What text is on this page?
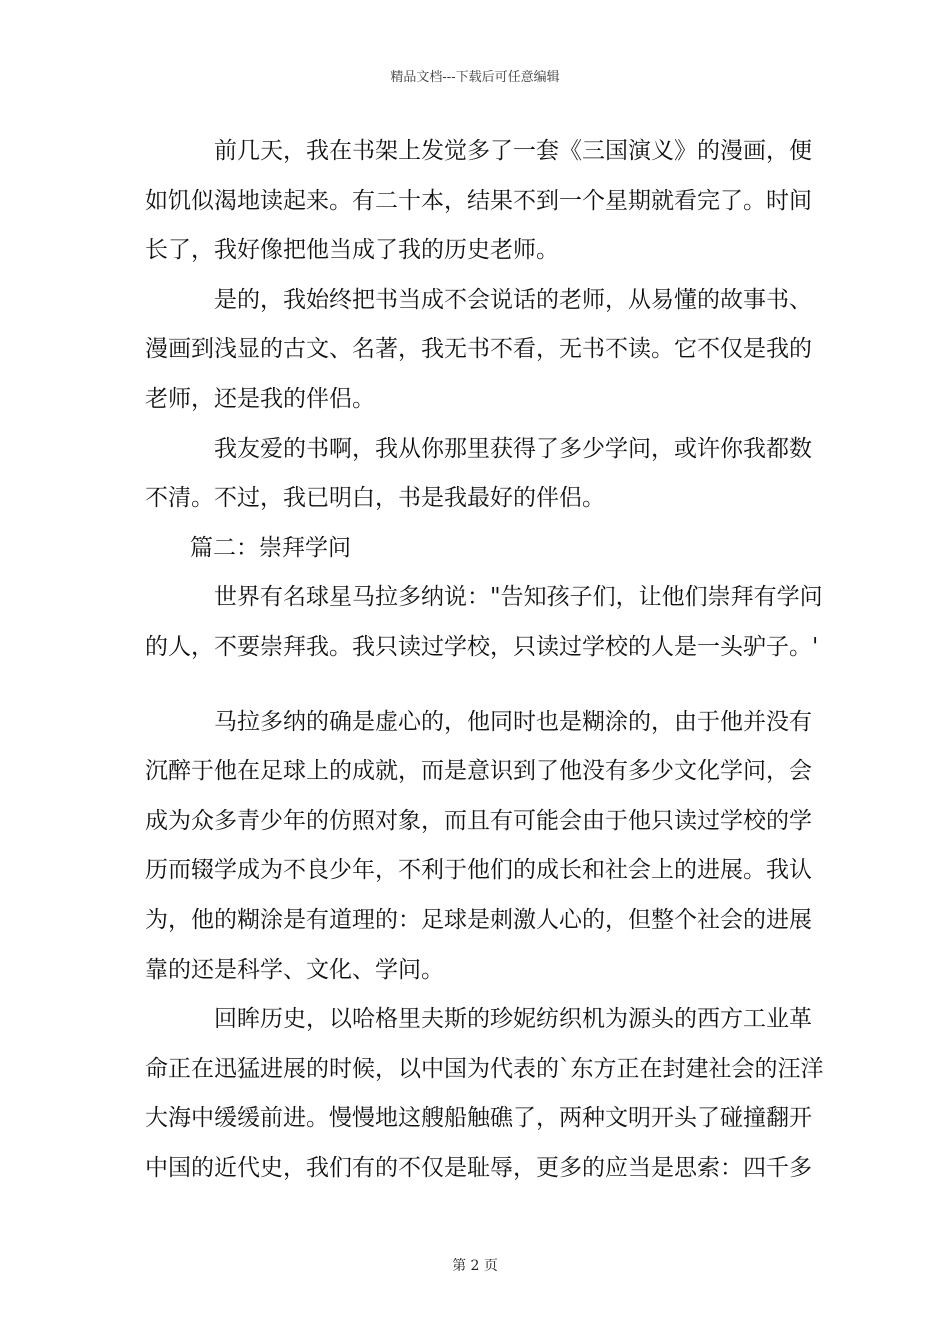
精品文档---下载后可任意编辑
前几天，我在书架上发觉多了一套《三国演义》的漫画，便
如饥似渴地读起来。有二十本，结果不到一个星期就看完了。时间
长了，我好像把他当成了我的历史老师。
是的，我始终把书当成不会说话的老师，从易懂的故事书、
漫画到浅显的古文、名著，我无书不看，无书不读。它不仅是我的
老师，还是我的伴侣。
我友爱的书啊，我从你那里获得了多少学问，或许你我都数
不清。不过，我已明白，书是我最好的伴侣。
篇二：崇拜学问
世界有名球星马拉多纳说："告知孩子们，让他们崇拜有学问
的人，不要崇拜我。我只读过学校，只读过学校的人是一头驴子。'
马拉多纳的确是虚心的，他同时也是糊涂的，由于他并没有
沉醉于他在足球上的成就，而是意识到了他没有多少文化学问，会
成为众多青少年的仿照对象，而且有可能会由于他只读过学校的学
历而辍学成为不良少年，不利于他们的成长和社会上的进展。我认
为，他的糊涂是有道理的：足球是刺激人心的，但整个社会的进展
靠的还是科学、文化、学问。
回眸历史，以哈格里夫斯的珍妮纺织机为源头的西方工业革
命正在迅猛进展的时候，以中国为代表的`东方正在封建社会的汪洋
大海中缓缓前进。慢慢地这艘船触礁了，两种文明开头了碰撞翻开
中国的近代史，我们有的不仅是耻辱，更多的应当是思索：四千多
第 2 页
